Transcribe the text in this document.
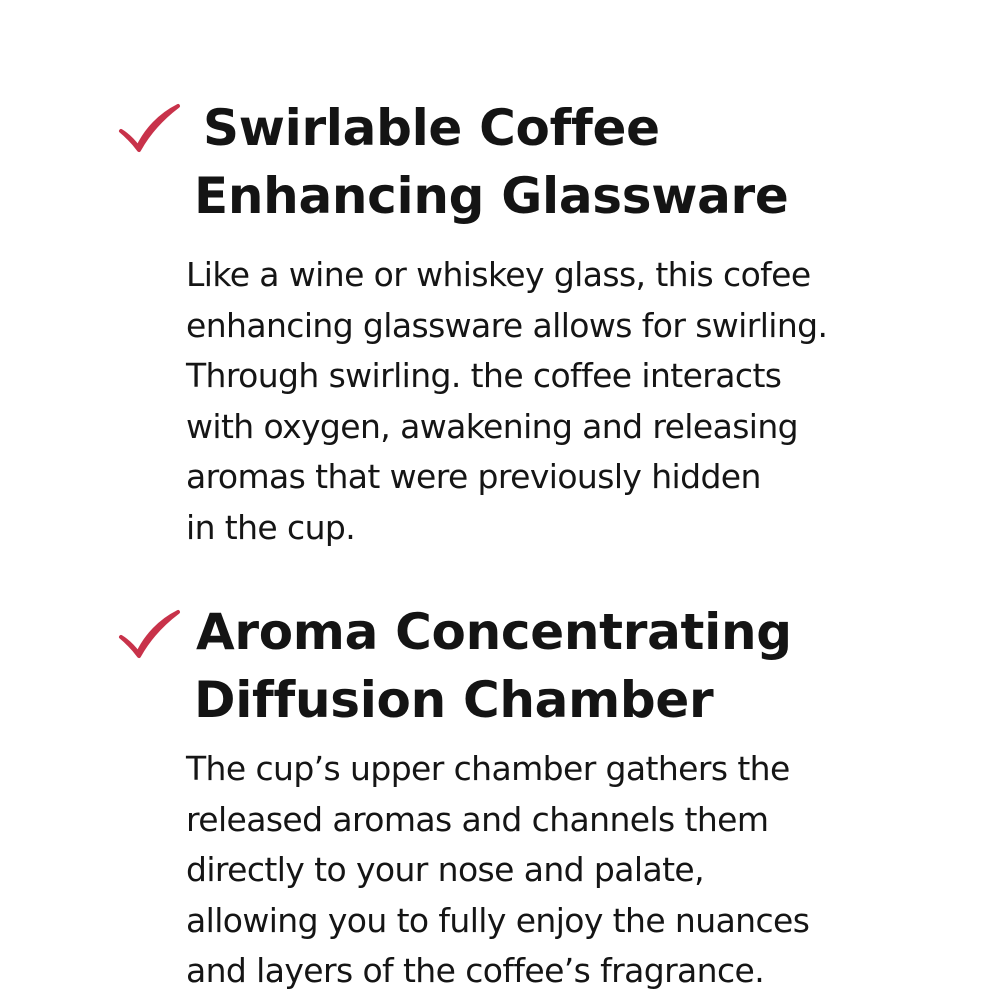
Swirlable Coffee
Enhancing Glassware

Like a wine or whiskey glass, this cofee
enhancing glassware allows for swirling.
Through swirling. the coffee interacts
with oxygen, awakening and releasing
aromas that were previously hidden
in the cup.

Aroma Concentrating
Diffusion Chamber

The cup’s upper chamber gathers the
released aromas and channels them
directly to your nose and palate,
allowing you to fully enjoy the nuances
and layers of the coffee’s fragrance.
